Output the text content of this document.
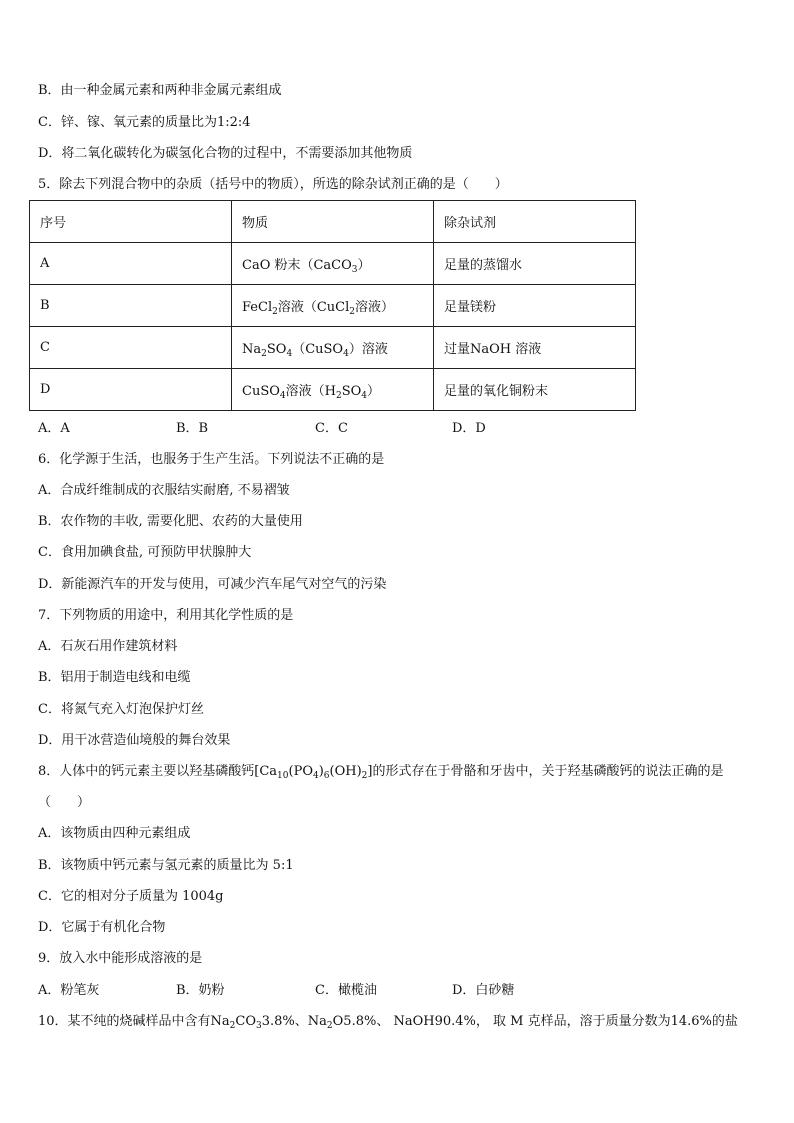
B．由一种金属元素和两种非金属元素组成
C．锌、镓、氧元素的质量比为1:2:4
D．将二氧化碳转化为碳氢化合物的过程中，不需要添加其他物质
5．除去下列混合物中的杂质（括号中的物质），所选的除杂试剂正确的是（　　）
序号	物质	除杂试剂
A	CaO 粉末（CaCO$_3$）	足量的蒸馏水
B	FeCl$_2$溶液（CuCl$_2$溶液）	足量镁粉
C	$Na_2SO_4(CuSO_4)$溶液	过量NaOH 溶液
D	CuSO$_4$溶液$(H_2SO_4)$	足量的氧化铜粉末
A．A	B．B	C．C	D．D
6．化学源于生活，也服务于生产生活。下列说法不正确的是
A．合成纤维制成的衣服结实耐磨, 不易褶皱
B．农作物的丰收, 需要化肥、农药的大量使用
C．食用加碘食盐, 可预防甲状腺肿大
D．新能源汽车的开发与使用，可减少汽车尾气对空气的污染
7．下列物质的用途中，利用其化学性质的是
A．石灰石用作建筑材料
B．铝用于制造电线和电缆
C．将氮气充入灯泡保护灯丝
D．用干冰营造仙境般的舞台效果
8．人体中的钙元素主要以羟基磷酸钙$[Ca_{10}(PO_4)_6(OH)_2]$的形式存在于骨骼和牙齿中，关于羟基磷酸钙的说法正确的是
（　　）
A．该物质由四种元素组成
B．该物质中钙元素与氢元素的质量比为 5:1
C．它的相对分子质量为 1004g
D．它属于有机化合物
9．放入水中能形成溶液的是
A．粉笔灰	B．奶粉	C．橄榄油	D．白砂糖
10．某不纯的烧碱样品中含有$Na_2CO_33.8\%$、$Na_2O5.8\%$、 NaOH90.4%， 取 M 克样品，溶于质量分数为14.6%的盐
